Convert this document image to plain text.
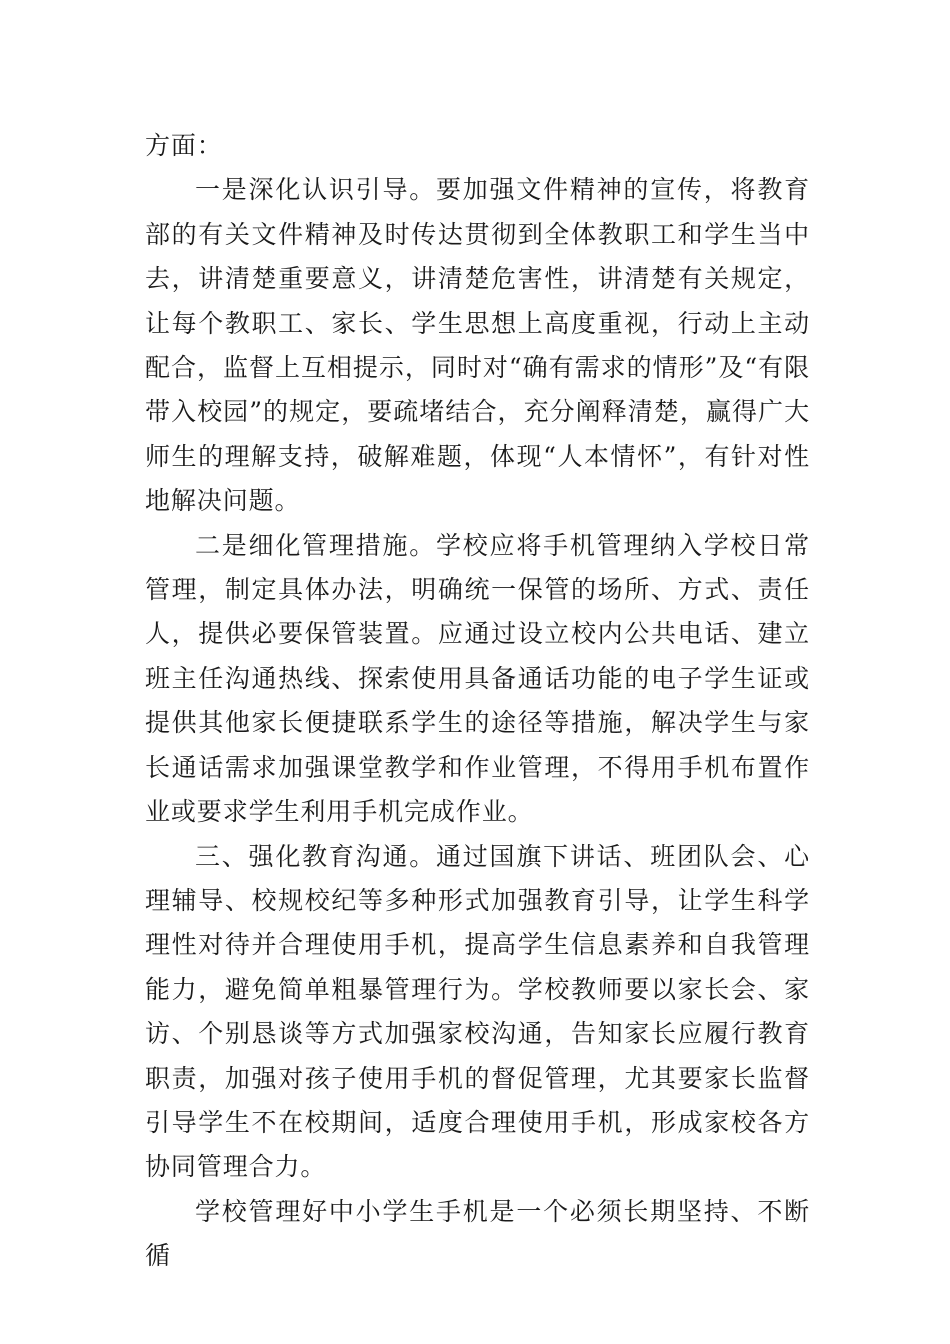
方面：

一是深化认识引导。要加强文件精神的宣传，将教育部的有关文件精神及时传达贯彻到全体教职工和学生当中去，讲清楚重要意义，讲清楚危害性，讲清楚有关规定，让每个教职工、家长、学生思想上高度重视，行动上主动配合，监督上互相提示，同时对“确有需求的情形”及“有限带入校园”的规定，要疏堵结合，充分阐释清楚，赢得广大师生的理解支持，破解难题，体现“人本情怀”，有针对性地解决问题。

二是细化管理措施。学校应将手机管理纳入学校日常管理，制定具体办法，明确统一保管的场所、方式、责任人，提供必要保管装置。应通过设立校内公共电话、建立班主任沟通热线、探索使用具备通话功能的电子学生证或提供其他家长便捷联系学生的途径等措施，解决学生与家长通话需求加强课堂教学和作业管理，不得用手机布置作业或要求学生利用手机完成作业。

三、强化教育沟通。通过国旗下讲话、班团队会、心理辅导、校规校纪等多种形式加强教育引导，让学生科学理性对待并合理使用手机，提高学生信息素养和自我管理能力，避免简单粗暴管理行为。学校教师要以家长会、家访、个别恳谈等方式加强家校沟通，告知家长应履行教育职责，加强对孩子使用手机的督促管理，尤其要家长监督引导学生不在校期间，适度合理使用手机，形成家校各方协同管理合力。

学校管理好中小学生手机是一个必须长期坚持、不断循
